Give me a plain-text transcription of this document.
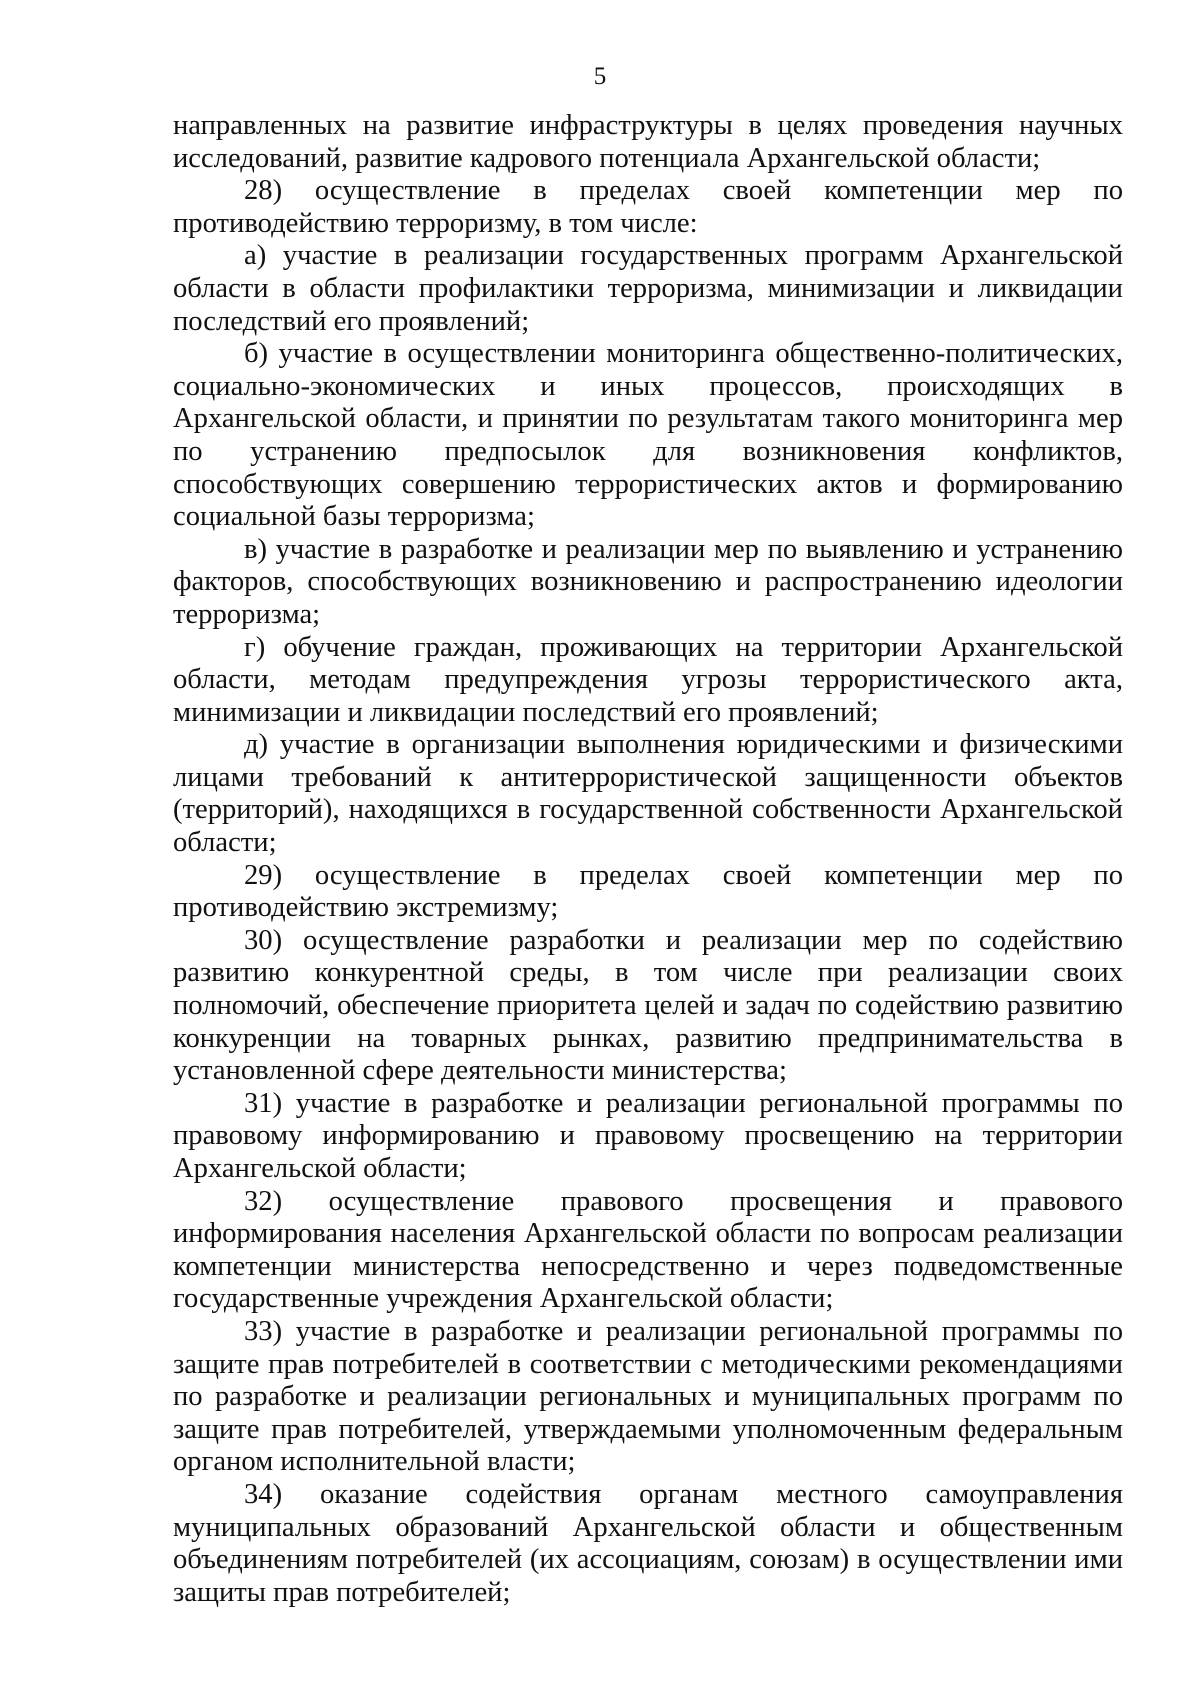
5

направленных на развитие инфраструктуры в целях проведения научных исследований, развитие кадрового потенциала Архангельской области;

28) осуществление в пределах своей компетенции мер по противодействию терроризму, в том числе:

а) участие в реализации государственных программ Архангельской области в области профилактики терроризма, минимизации и ликвидации последствий его проявлений;

б) участие в осуществлении мониторинга общественно-политических, социально-экономических и иных процессов, происходящих в Архангельской области, и принятии по результатам такого мониторинга мер по устранению предпосылок для возникновения конфликтов, способствующих совершению террористических актов и формированию социальной базы терроризма;

в) участие в разработке и реализации мер по выявлению и устранению факторов, способствующих возникновению и распространению идеологии терроризма;

г) обучение граждан, проживающих на территории Архангельской области, методам предупреждения угрозы террористического акта, минимизации и ликвидации последствий его проявлений;

д) участие в организации выполнения юридическими и физическими лицами требований к антитеррористической защищенности объектов (территорий), находящихся в государственной собственности Архангельской области;

29) осуществление в пределах своей компетенции мер по противодействию экстремизму;

30) осуществление разработки и реализации мер по содействию развитию конкурентной среды, в том числе при реализации своих полномочий, обеспечение приоритета целей и задач по содействию развитию конкуренции на товарных рынках, развитию предпринимательства в установленной сфере деятельности министерства;

31) участие в разработке и реализации региональной программы по правовому информированию и правовому просвещению на территории Архангельской области;

32) осуществление правового просвещения и правового информирования населения Архангельской области по вопросам реализации компетенции министерства непосредственно и через подведомственные государственные учреждения Архангельской области;

33) участие в разработке и реализации региональной программы по защите прав потребителей в соответствии с методическими рекомендациями по разработке и реализации региональных и муниципальных программ по защите прав потребителей, утверждаемыми уполномоченным федеральным органом исполнительной власти;

34) оказание содействия органам местного самоуправления муниципальных образований Архангельской области и общественным объединениям потребителей (их ассоциациям, союзам) в осуществлении ими защиты прав потребителей;
